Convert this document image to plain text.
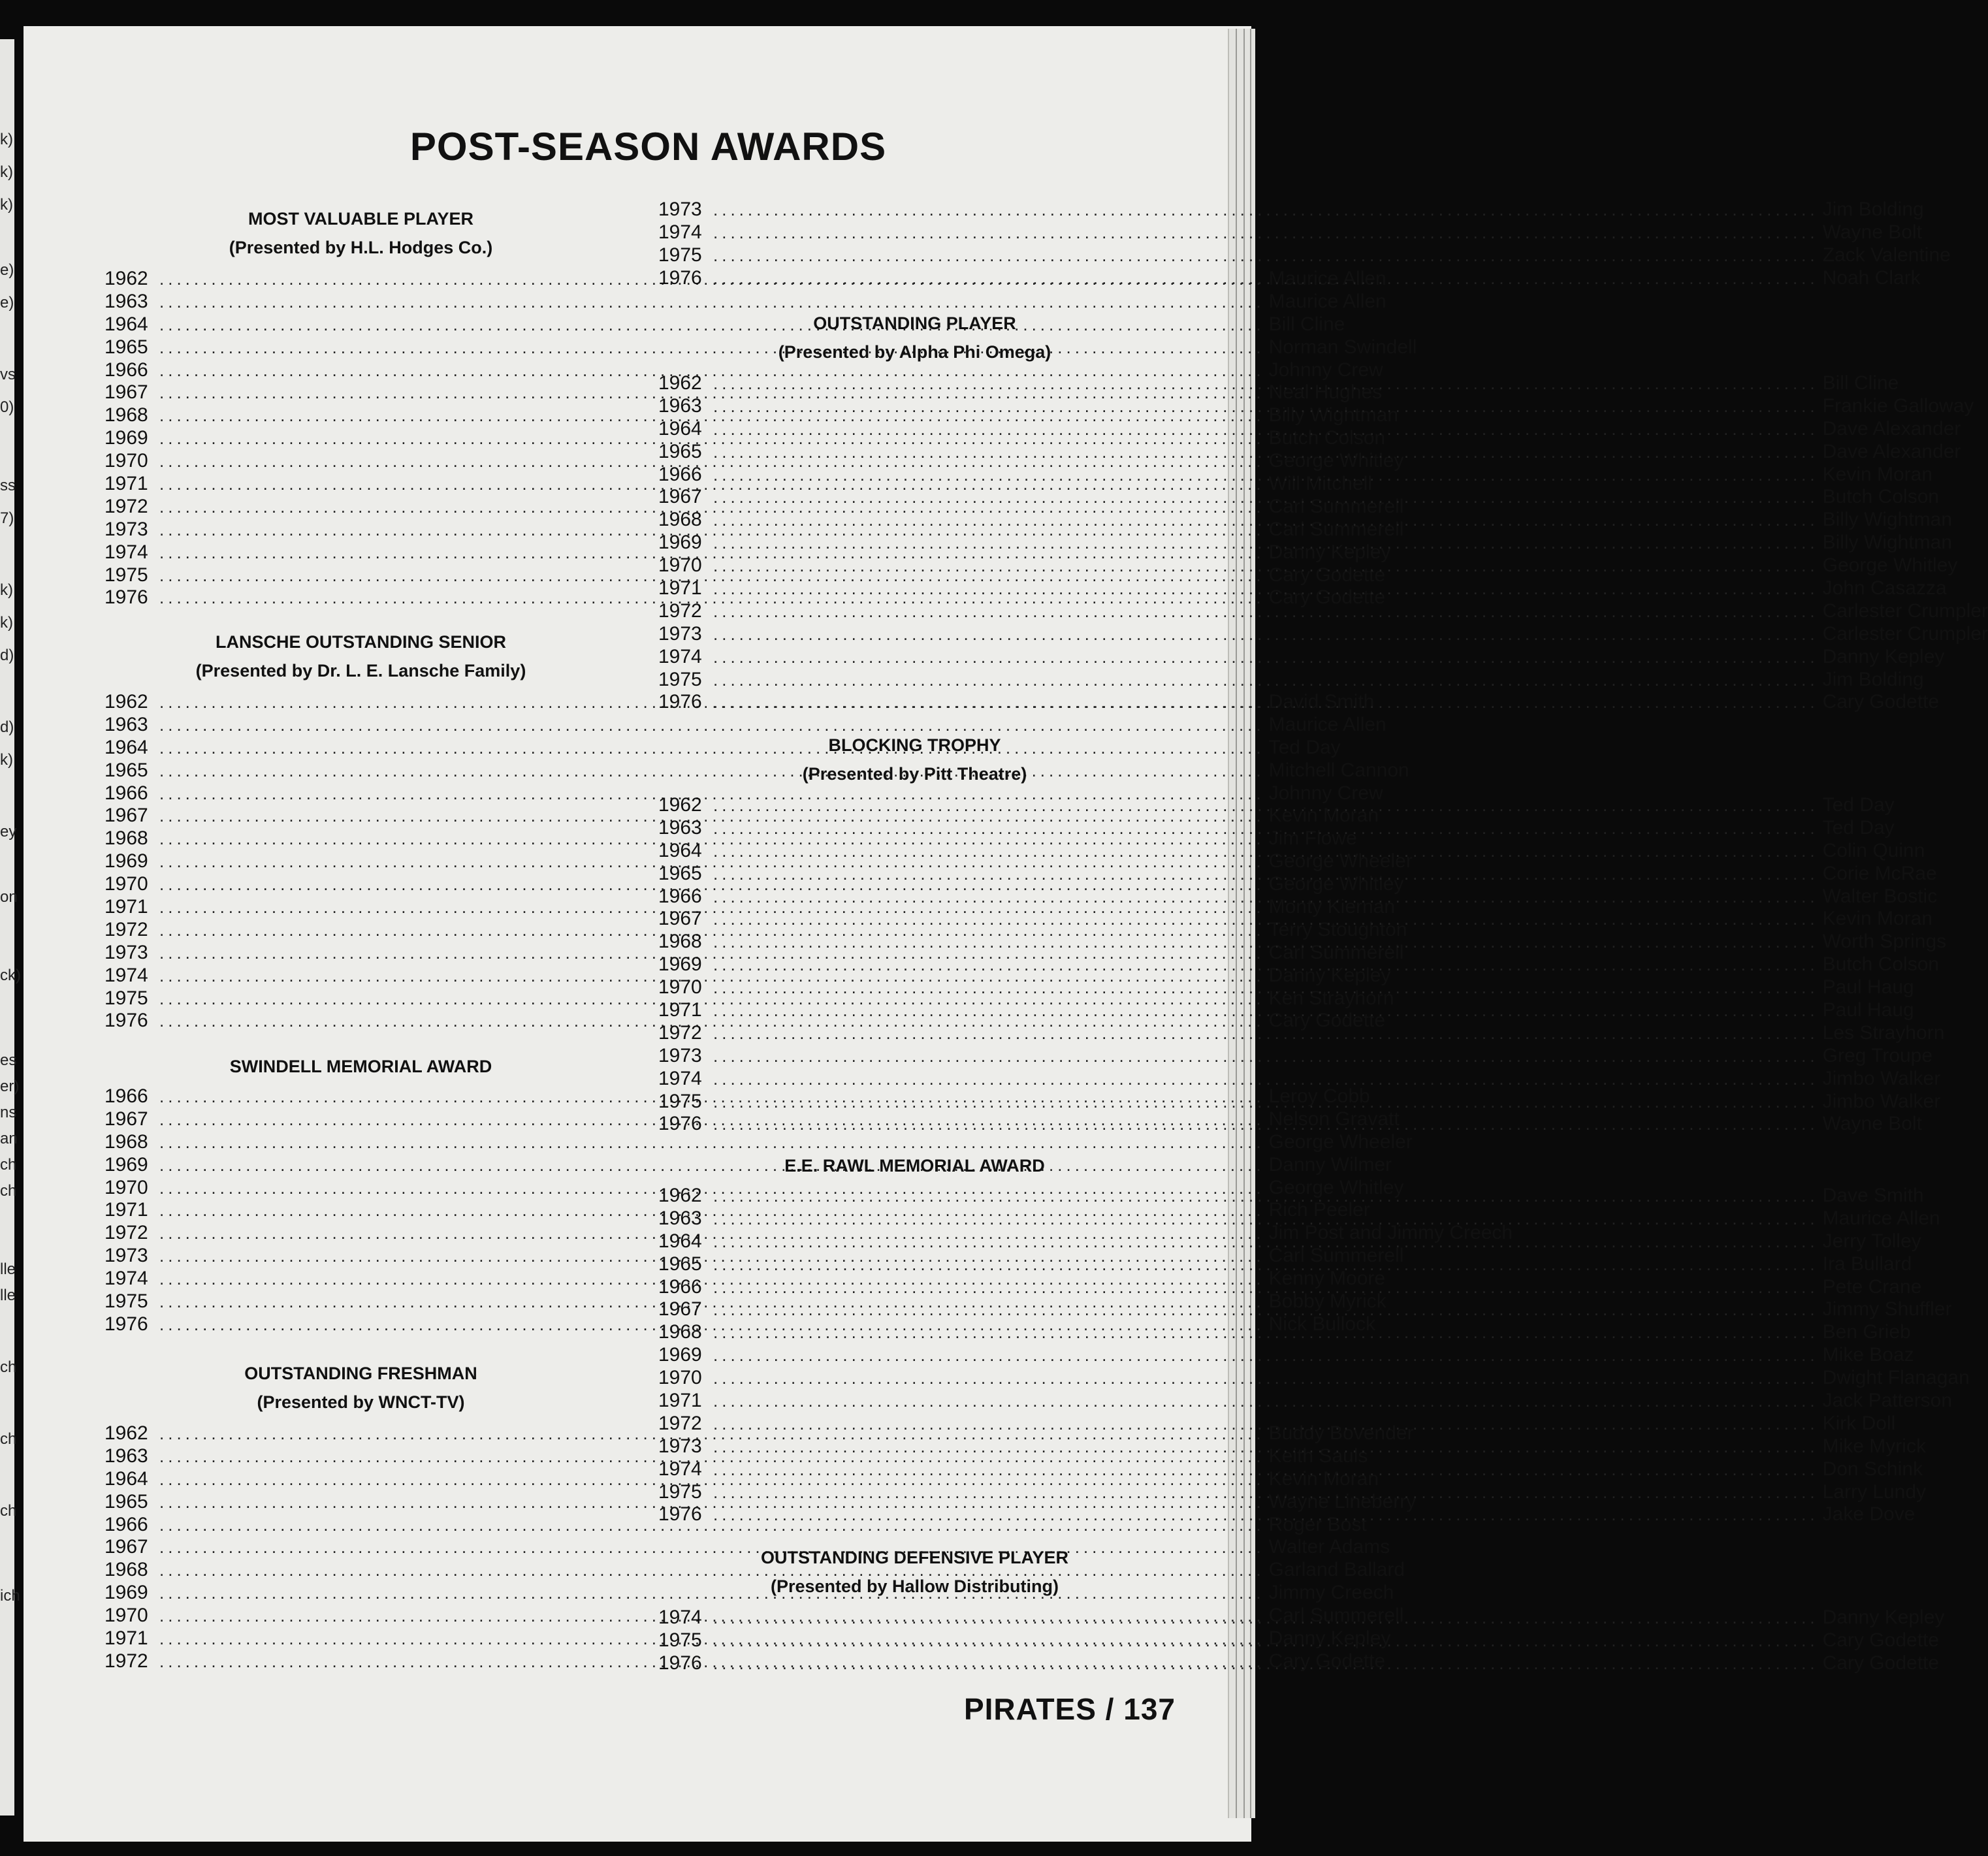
k)
k)
k)
e)
e)
vs
0)
ss
7)
k)
k)
d)
d)
k)
ey
on
ck)
es
er)
ns
an
ch
ch
lle
lle
ch
ch
ch
ich
POST-SEASON AWARDS
MOST VALUABLE PLAYER
(Presented by H.L. Hodges Co.)
1962 .....	Maurice Allen
1963 .....	Maurice Allen
1964 .....	Bill Cline
1965 .....	Norman Swindell
1966 .....	Johnny Crew
1967 .....	Neal Hughes
1968 .....	Billy Wightman
1969 .....	Butch Colson
1970 .....	George Whitley
1971 .....	Will Mitchell
1972 .....	Carl Summerell
1973 .....	Carl Summerell
1974 .....	Danny Kepley
1975 .....	Cary Godette
1976 .....	Cary Godette
LANSCHE OUTSTANDING SENIOR
(Presented by Dr. L. E. Lansche Family)
1962 .....	David Smith
1963 .....	Maurice Allen
1964 .....	Ted Day
1965 .....	Mitchell Cannon
1966 .....	Johnny Crew
1967 .....	Kevin Moran
1968 .....	Jim Flowe
1969 .....	George Wheeler
1970 .....	George Whitley
1971 .....	Monty Kiernan
1972 .....	Terry Stoughton
1973 .....	Carl Summerell
1974 .....	Danny Kepley
1975 .....	Ken Strayhorn
1976 .....	Cary Godette
SWINDELL MEMORIAL AWARD
1966 .....	Leroy Cobb
1967 .....	Nelson Gravatt
1968 .....	George Wheeler
1969 .....	Danny Wilmer
1970 .....	George Whitley
1971 .....	Rich Peeler
1972 .....	Jim Post and Jimmy Creech
1973 .....	Carl Summerell
1974 .....	Kenny Moore
1975 .....	Bobby Myrick
1976 .....	Nick Bullock
OUTSTANDING FRESHMAN
(Presented by WNCT-TV)
1962 .....	Buddy Bovender
1963 .....	Keith Sauls
1964 .....	Kevin Moran
1965 .....	Wayne Lineberry
1966 .....	Roger Bost
1967 .....	Walter Adams
1968 .....	Garland Ballard
1969 .....	Jimmy Creech
1970 .....	Carl Summerell
1971 .....	Danny Kepley
1972 .....	Cary Godette
1973 .....	Jim Bolding
1974 .....	Wayne Bolt
1975 .....	Zack Valentine
1976 .....	Noah Clark
OUTSTANDING PLAYER
(Presented by Alpha Phi Omega)
1962 .....	Bill Cline
1963 .....	Frankie Galloway
1964 .....	Dave Alexander
1965 .....	Dave Alexander
1966 .....	Kevin Moran
1967 .....	Butch Colson
1968 .....	Billy Wightman
1969 .....	Billy Wightman
1970 .....	George Whitley
1971 .....	John Casazza
1972 .....	Carlester Crumpler
1973 .....	Carlester Crumpler
1974 .....	Danny Kepley
1975 .....	Jim Bolding
1976 .....	Cary Godette
BLOCKING TROPHY
(Presented by Pitt Theatre)
1962 .....	Ted Day
1963 .....	Ted Day
1964 .....	Colin Quinn
1965 .....	Corie McRae
1966 .....	Walter Bostic
1967 .....	Kevin Moran
1968 .....	Worth Springs
1969 .....	Butch Colson
1970 .....	Paul Haug
1971 .....	Paul Haug
1972 .....	Les Strayhorn
1973 .....	Greg Troupe
1974 .....	Jimbo Walker
1975 .....	Jimbo Walker
1976 .....	Wayne Bolt
E.E. RAWL MEMORIAL AWARD
1962 .....	Dave Smith
1963 .....	Maurice Allen
1964 .....	Jerry Tolley
1965 .....	Ira Bullard
1966 .....	Pete Crane
1967 .....	Jimmy Shuffler
1968 .....	Ben Grieb
1969 .....	Mike Boaz
1970 .....	Dwight Flanagan
1971 .....	Jack Patterson
1972 .....	Kirk Doll
1973 .....	Mike Myrick
1974 .....	Don Schink
1975 .....	Larry Lundy
1976 .....	Jake Dove
OUTSTANDING DEFENSIVE PLAYER
(Presented by Hallow Distributing)
1974 .....	Danny Kepley
1975 .....	Cary Godette
1976 .....	Cary Godette
PIRATES / 137
